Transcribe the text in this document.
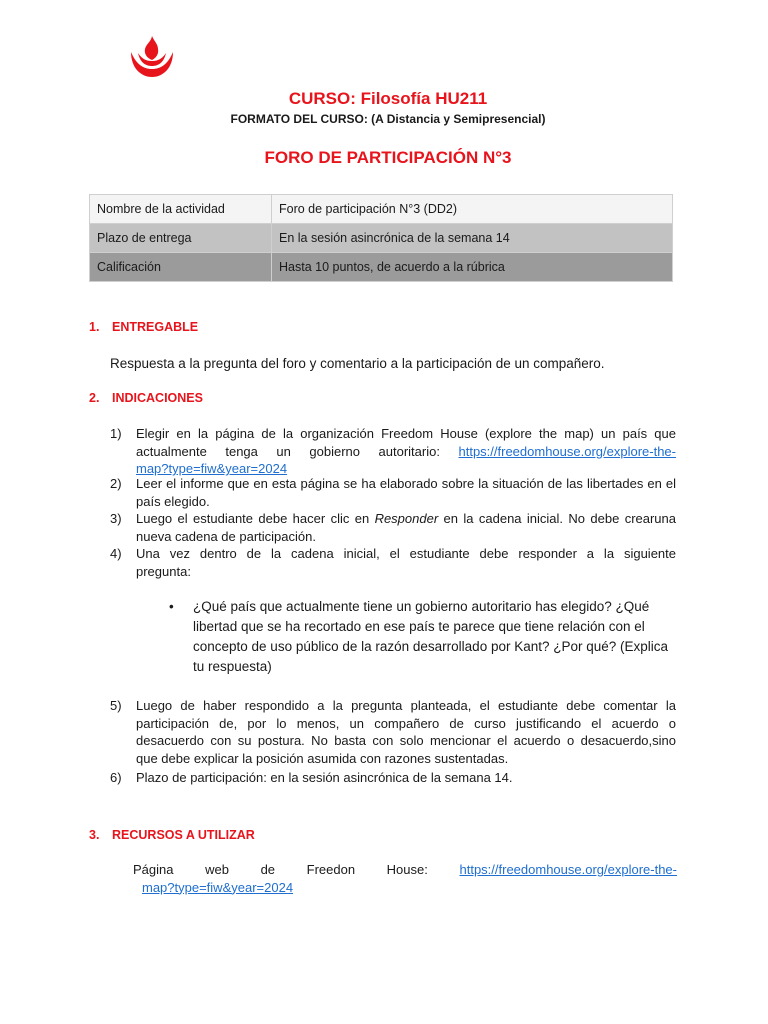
CURSO: Filosofía HU211
FORMATO DEL CURSO: (A Distancia y Semipresencial)
FORO DE PARTICIPACIÓN N°3
Nombre de la actividad	Foro de participación N°3 (DD2)
Plazo de entrega	En la sesión asincrónica de la semana 14
Calificación	Hasta 10 puntos, de acuerdo a la rúbrica
1. ENTREGABLE
Respuesta a la pregunta del foro y comentario a la participación de un compañero.
2. INDICACIONES
1) Elegir en la página de la organización Freedom House (explore the map) un país que
actualmente tenga un gobierno autoritario: https://freedomhouse.org/explore-the-
map?type=fiw&year=2024
2) Leer el informe que en esta página se ha elaborado sobre la situación de las libertades en el
país elegido.
3) Luego el estudiante debe hacer clic en Responder en la cadena inicial. No debe crearuna
nueva cadena de participación.
4) Una vez dentro de la cadena inicial, el estudiante debe responder a la siguiente
pregunta:
• ¿Qué país que actualmente tiene un gobierno autoritario has elegido? ¿Qué
libertad que se ha recortado en ese país te parece que tiene relación con el
concepto de uso público de la razón desarrollado por Kant? ¿Por qué? (Explica
tu respuesta)
5) Luego de haber respondido a la pregunta planteada, el estudiante debe comentar la
participación de, por lo menos, un compañero de curso justificando el acuerdo o
desacuerdo con su postura. No basta con solo mencionar el acuerdo o desacuerdo,sino
que debe explicar la posición asumida con razones sustentadas.
6) Plazo de participación: en la sesión asincrónica de la semana 14.
3. RECURSOS A UTILIZAR
Página web de Freedon House: https://freedomhouse.org/explore-the-
map?type=fiw&year=2024
